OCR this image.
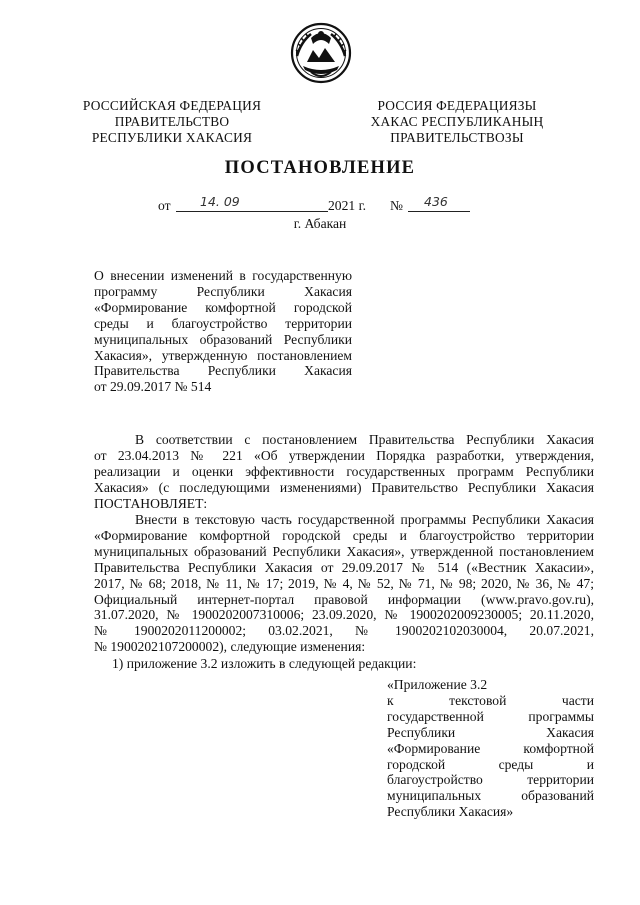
РОССИЙСКАЯ ФЕДЕРАЦИЯ
ПРАВИТЕЛЬСТВО
РЕСПУБЛИКИ ХАКАСИЯ
РОССИЯ ФЕДЕРАЦИЯЗЫ
ХАКАС РЕСПУБЛИКАНЫҢ
ПРАВИТЕЛЬСТВОЗЫ
ПОСТАНОВЛЕНИЕ
от 14. 09	2021 г. № 436
г. Абакан
О внесении изменений в государственную
программу Республики Хакасия
«Формирование комфортной городской
среды и благоустройство территории
муниципальных образований Республики
Хакасия», утвержденную постановлением
Правительства Республики Хакасия
от 29.09.2017 № 514
В соответствии с постановлением Правительства Республики Хакасия
от 23.04.2013 № 221 «Об утверждении Порядка разработки, утверждения,
реализации и оценки эффективности государственных программ Республики
Хакасия» (с последующими изменениями) Правительство Республики Хакасия
ПОСТАНОВЛЯЕТ:
Внести в текстовую часть государственной программы Республики Хакасия
«Формирование комфортной городской среды и благоустройство территории
муниципальных образований Республики Хакасия», утвержденной постановлением
Правительства Республики Хакасия от 29.09.2017 № 514 («Вестник Хакасии»,
2017, № 68; 2018, № 11, № 17; 2019, № 4, № 52, № 71, № 98; 2020, № 36, № 47;
Официальный интернет-портал правовой информации (www.pravo.gov.ru),
31.07.2020, № 1900202007310006; 23.09.2020, № 1900202009230005; 20.11.2020,
№ 1900202011200002; 03.02.2021, № 1900202102030004, 20.07.2021,
№ 1900202107200002), следующие изменения:
1) приложение 3.2 изложить в следующей редакции:
«Приложение 3.2
к текстовой части
государственной программы
Республики Хакасия
«Формирование комфортной
городской среды и
благоустройство территории
муниципальных образований
Республики Хакасия»
